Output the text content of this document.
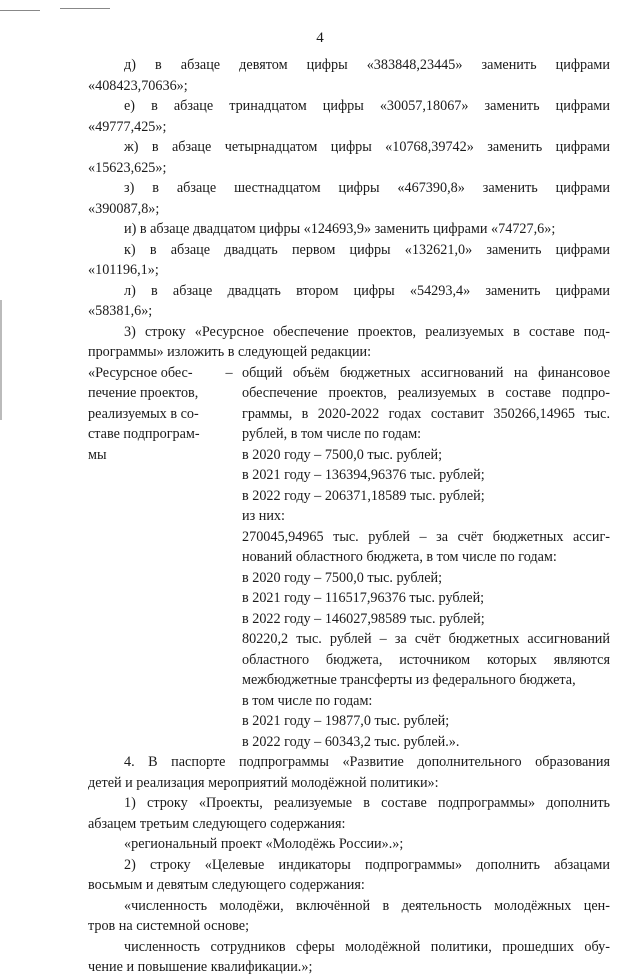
4

д) в абзаце девятом цифры «383848,23445» заменить цифрами

«408423,70636»;

е) в абзаце тринадцатом цифры «30057,18067» заменить цифрами

«49777,425»;

ж) в абзаце четырнадцатом цифры «10768,39742» заменить цифрами

«15623,625»;

з) в абзаце шестнадцатом цифры «467390,8» заменить цифрами

«390087,8»;

и) в абзаце двадцатом цифры «124693,9» заменить цифрами «74727,6»;

к) в абзаце двадцать первом цифры «132621,0» заменить цифрами

«101196,1»;

л) в абзаце двадцать втором цифры «54293,4» заменить цифрами

«58381,6»;

3) строку «Ресурсное обеспечение проектов, реализуемых в составе под-

программы» изложить в следующей редакции:

«Ресурсное обес-
печение проектов,
реализуемых в со-
ставе подпрограм-
мы
– общий объём бюджетных ассигнований на финансовое
обеспечение проектов, реализуемых в составе подпро-
граммы, в 2020-2022 годах составит 350266,14965 тыс.
рублей, в том числе по годам:
в 2020 году – 7500,0 тыс. рублей;
в 2021 году – 136394,96376 тыс. рублей;
в 2022 году – 206371,18589 тыс. рублей;
из них:
270045,94965 тыс. рублей – за счёт бюджетных ассиг-
нований областного бюджета, в том числе по годам:
в 2020 году – 7500,0 тыс. рублей;
в 2021 году – 116517,96376 тыс. рублей;
в 2022 году – 146027,98589 тыс. рублей;
80220,2 тыс. рублей – за счёт бюджетных ассигнований
областного бюджета, источником которых являются
межбюджетные трансферты из федерального бюджета,
в том числе по годам:
в 2021 году – 19877,0 тыс. рублей;
в 2022 году – 60343,2 тыс. рублей.».

4. В паспорте подпрограммы «Развитие дополнительного образования

детей и реализация мероприятий молодёжной политики»:

1) строку «Проекты, реализуемые в составе подпрограммы» дополнить

абзацем третьим следующего содержания:

«региональный проект «Молодёжь России».»;

2) строку «Целевые индикаторы подпрограммы» дополнить абзацами

восьмым и девятым следующего содержания:

«численность молодёжи, включённой в деятельность молодёжных цен-

тров на системной основе;

численность сотрудников сферы молодёжной политики, прошедших обу-

чение и повышение квалификации.»;
